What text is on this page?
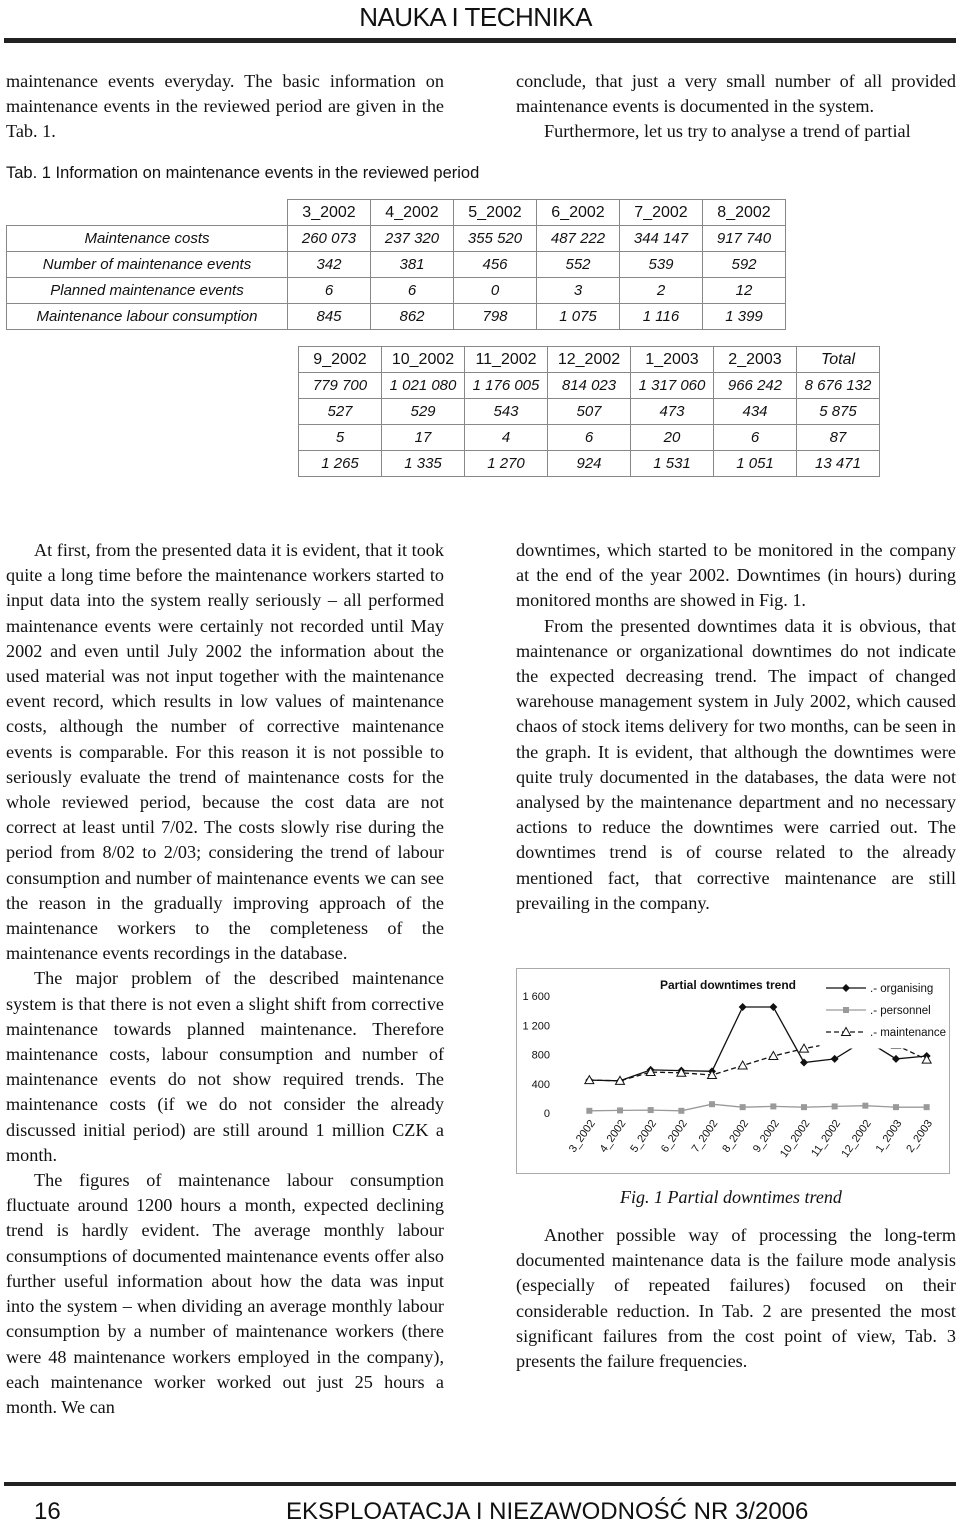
NAUKA I TECHNIKA

maintenance events everyday. The basic information on maintenance events in the reviewed period are given in the Tab. 1.

conclude, that just a very small number of all provided maintenance events is documented in the system.

Furthermore, let us try to analyse a trend of partial

Tab. 1 Information on maintenance events in the reviewed period
	3_2002	4_2002	5_2002	6_2002	7_2002	8_2002
Maintenance costs	260 073	237 320	355 520	487 222	344 147	917 740
Number of maintenance events	342	381	456	552	539	592
Planned maintenance events	6	6	0	3	2	12
Maintenance labour consumption	845	862	798	1 075	1 116	1 399
9_2002	10_2002	11_2002	12_2002	1_2003	2_2003	Total
779 700	1 021 080	1 176 005	814 023	1 317 060	966 242	8 676 132
527	529	543	507	473	434	5 875
5	17	4	6	20	6	87
1 265	1 335	1 270	924	1 531	1 051	13 471

At first, from the presented data it is evident, that it took quite a long time before the maintenance workers started to input data into the system really seriously – all performed maintenance events were certainly not recorded until May 2002 and even until July 2002 the information about the used material was not input together with the maintenance event record, which results in low values of maintenance costs, although the number of corrective maintenance events is comparable. For this reason it is not possible to seriously evaluate the trend of maintenance costs for the whole reviewed period, because the cost data are not correct at least until 7/02. The costs slowly rise during the period from 8/02 to 2/03; considering the trend of labour consumption and number of maintenance events we can see the reason in the gradually improving approach of the maintenance workers to the completeness of the maintenance events recordings in the database.

The major problem of the described maintenance system is that there is not even a slight shift from corrective maintenance towards planned maintenance. Therefore maintenance costs, labour consumption and number of maintenance events do not show required trends. The maintenance costs (if we do not consider the already discussed initial period) are still around 1 million CZK a month.

The figures of maintenance labour consumption fluctuate around 1200 hours a month, expected declining trend is hardly evident. The average monthly labour consumptions of documented maintenance events offer also further useful information about how the data was input into the system – when dividing an average monthly labour consumption by a number of maintenance workers (there were 48 maintenance workers employed in the company), each maintenance worker worked out just 25 hours a month. We can

downtimes, which started to be monitored in the company at the end of the year 2002. Downtimes (in hours) during monitored months are showed in Fig. 1.

From the presented downtimes data it is obvious, that maintenance or organizational downtimes do not indicate the expected decreasing trend. The impact of changed warehouse management system in July 2002, which caused chaos of stock items delivery for two months, can be seen in the graph. It is evident, that although the downtimes were quite truly documented in the databases, the data were not analysed by the maintenance department and no necessary actions to reduce the downtimes were carried out. The downtimes trend is of course related to the already mentioned fact, that corrective maintenance are still prevailing in the company.

Partial downtimes trend
0
400
800
1 200
1 600
3_2002 4_2002 5_2002 6_2002 7_2002 8_2002 9_2002
10_2002
11_2002
12_2002 1_2003 2_2003
.- organising
.- personnel
.- maintenance
Fig. 1 Partial downtimes trend

Another possible way of processing the long-term documented maintenance data is the failure mode analysis (especially of repeated failures) focused on their considerable reduction. In Tab. 2 are presented the most significant failures from the cost point of view, Tab. 3 presents the failure frequencies.

16	EKSPLOATACJA I NIEZAWODNOŚĆ NR 3/2006
